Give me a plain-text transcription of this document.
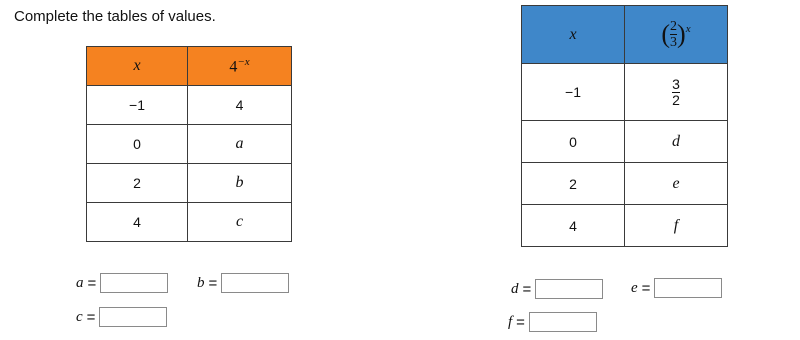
Complete the tables of values.
x	$4^{-x}$
−1	4
0	a
2	b
4	c
x	$(\frac{2}{3} )^x$
−1	$\frac{3}{2}$

0	d
2	e
4	f
a =	b =
c =
d =	e =
f =
